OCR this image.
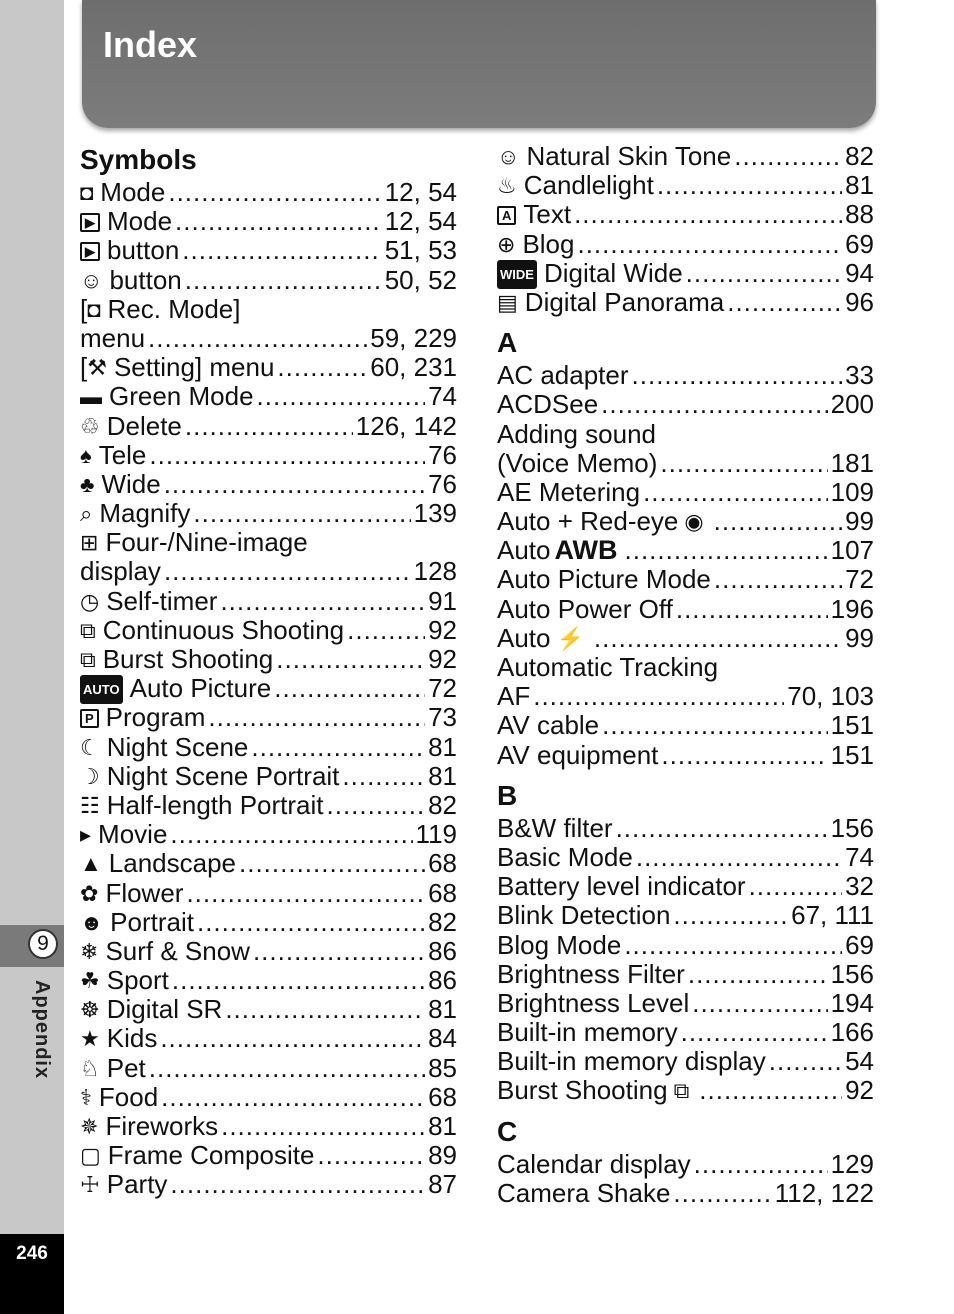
9
Appendix
246
Index
Symbols
◘ Mode .....	12, 54
▶ Mode .....	12, 54
▶ button .....	51, 53
☺ button .....	50, 52
[◘ Rec. Mode]
menu .....	59, 229
[⚒ Setting] menu .....	60, 231
▬ Green Mode .....	74
♲ Delete .....	126, 142
♠ Tele .....	76
♣ Wide .....	76
⌕ Magnify .....	139
⊞ Four-/Nine-image
display .....	128
◷ Self-timer .....	91
⧉ Continuous Shooting .....	92
⧉ Burst Shooting .....	92
AUTO Auto Picture .....	72
P Program .....	73
☾ Night Scene .....	81
☽ Night Scene Portrait .....	81
☷ Half-length Portrait .....	82
▸ Movie .....	119
▲ Landscape .....	68
✿ Flower .....	68
☻ Portrait .....	82
❄ Surf & Snow .....	86
☘ Sport .....	86
☸ Digital SR .....	81
★ Kids .....	84
♘ Pet .....	85
⚕ Food .....	68
✵ Fireworks .....	81
▢ Frame Composite .....	89
☩ Party .....	87
☺ Natural Skin Tone .....	82
♨ Candlelight .....	81
A Text .....	88
⊕ Blog .....	69
WIDE Digital Wide .....	94
▤ Digital Panorama .....	96
A
AC adapter .....	33
ACDSee .....	200
Adding sound
(Voice Memo) .....	181
AE Metering .....	109
Auto + Red-eye ◉ .....	99
Auto AWB .....	107
Auto Picture Mode .....	72
Auto Power Off .....	196
Auto ⚡ .....	99
Automatic Tracking
AF .....	70, 103
AV cable .....	151
AV equipment .....	151
B
B&W filter .....	156
Basic Mode .....	74
Battery level indicator .....	32
Blink Detection .....	67, 111
Blog Mode .....	69
Brightness Filter .....	156
Brightness Level .....	194
Built-in memory .....	166
Built-in memory display .....	54
Burst Shooting ⧉ .....	92
C
Calendar display .....	129
Camera Shake .....	112, 122
